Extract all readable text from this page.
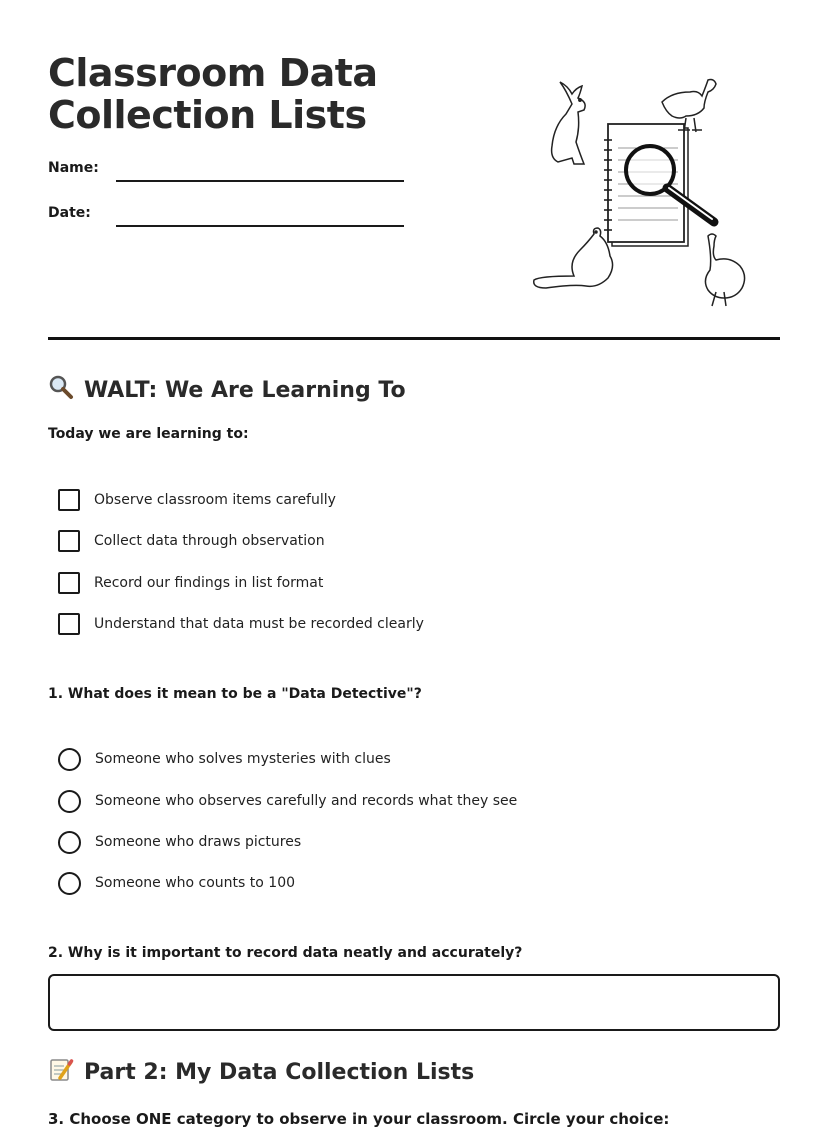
Classroom Data
Collection Lists
Name:
Date:
WALT: We Are Learning To
Today we are learning to:
Observe classroom items carefully
Collect data through observation
Record our findings in list format
Understand that data must be recorded clearly
1. What does it mean to be a "Data Detective"?
Someone who solves mysteries with clues
Someone who observes carefully and records what they see
Someone who draws pictures
Someone who counts to 100
2. Why is it important to record data neatly and accurately?
Part 2: My Data Collection Lists
3. Choose ONE category to observe in your classroom. Circle your choice:
